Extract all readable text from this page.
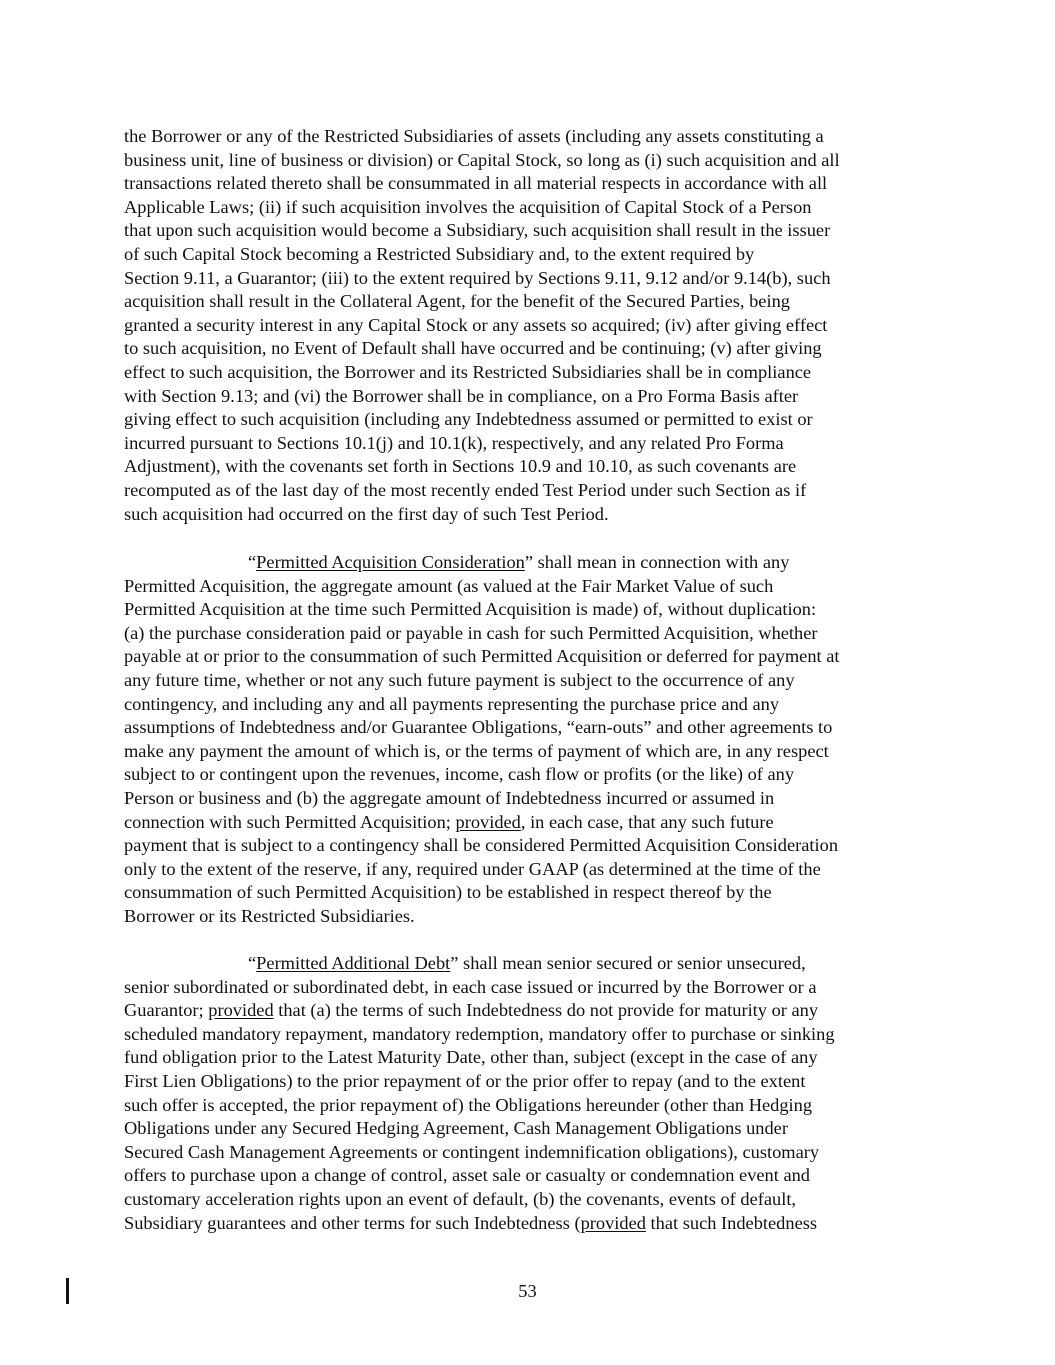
the Borrower or any of the Restricted Subsidiaries of assets (including any assets constituting a
business unit, line of business or division) or Capital Stock, so long as (i) such acquisition and all
transactions related thereto shall be consummated in all material respects in accordance with all
Applicable Laws; (ii) if such acquisition involves the acquisition of Capital Stock of a Person
that upon such acquisition would become a Subsidiary, such acquisition shall result in the issuer
of such Capital Stock becoming a Restricted Subsidiary and, to the extent required by
Section 9.11, a Guarantor; (iii) to the extent required by Sections 9.11, 9.12 and/or 9.14(b), such
acquisition shall result in the Collateral Agent, for the benefit of the Secured Parties, being
granted a security interest in any Capital Stock or any assets so acquired; (iv) after giving effect
to such acquisition, no Event of Default shall have occurred and be continuing; (v) after giving
effect to such acquisition, the Borrower and its Restricted Subsidiaries shall be in compliance
with Section 9.13; and (vi) the Borrower shall be in compliance, on a Pro Forma Basis after
giving effect to such acquisition (including any Indebtedness assumed or permitted to exist or
incurred pursuant to Sections 10.1(j) and 10.1(k), respectively, and any related Pro Forma
Adjustment), with the covenants set forth in Sections 10.9 and 10.10, as such covenants are
recomputed as of the last day of the most recently ended Test Period under such Section as if
such acquisition had occurred on the first day of such Test Period.
“Permitted Acquisition Consideration” shall mean in connection with any
Permitted Acquisition, the aggregate amount (as valued at the Fair Market Value of such
Permitted Acquisition at the time such Permitted Acquisition is made) of, without duplication:
(a) the purchase consideration paid or payable in cash for such Permitted Acquisition, whether
payable at or prior to the consummation of such Permitted Acquisition or deferred for payment at
any future time, whether or not any such future payment is subject to the occurrence of any
contingency, and including any and all payments representing the purchase price and any
assumptions of Indebtedness and/or Guarantee Obligations, “earn-outs” and other agreements to
make any payment the amount of which is, or the terms of payment of which are, in any respect
subject to or contingent upon the revenues, income, cash flow or profits (or the like) of any
Person or business and (b) the aggregate amount of Indebtedness incurred or assumed in
connection with such Permitted Acquisition; provided, in each case, that any such future
payment that is subject to a contingency shall be considered Permitted Acquisition Consideration
only to the extent of the reserve, if any, required under GAAP (as determined at the time of the
consummation of such Permitted Acquisition) to be established in respect thereof by the
Borrower or its Restricted Subsidiaries.
“Permitted Additional Debt” shall mean senior secured or senior unsecured,
senior subordinated or subordinated debt, in each case issued or incurred by the Borrower or a
Guarantor; provided that (a) the terms of such Indebtedness do not provide for maturity or any
scheduled mandatory repayment, mandatory redemption, mandatory offer to purchase or sinking
fund obligation prior to the Latest Maturity Date, other than, subject (except in the case of any
First Lien Obligations) to the prior repayment of or the prior offer to repay (and to the extent
such offer is accepted, the prior repayment of) the Obligations hereunder (other than Hedging
Obligations under any Secured Hedging Agreement, Cash Management Obligations under
Secured Cash Management Agreements or contingent indemnification obligations), customary
offers to purchase upon a change of control, asset sale or casualty or condemnation event and
customary acceleration rights upon an event of default, (b) the covenants, events of default,
Subsidiary guarantees and other terms for such Indebtedness (provided that such Indebtedness
53
